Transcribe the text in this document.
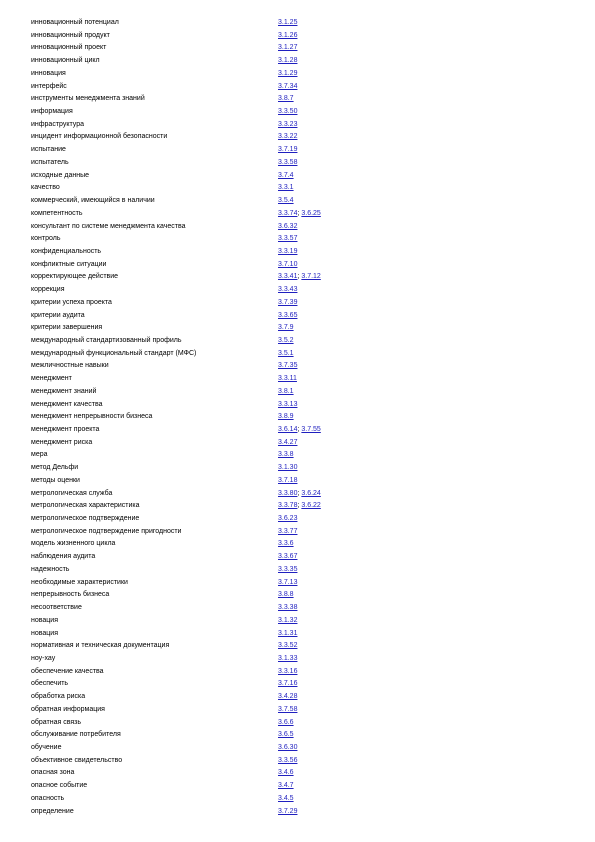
инновационный потенциал	3.1.25
инновационный продукт	3.1.26
инновационный проект	3.1.27
инновационный цикл	3.1.28
инновация	3.1.29
интерфейс	3.7.34
инструменты менеджмента знаний	3.8.7
информация	3.3.50
инфраструктура	3.3.23
инцидент информационной безопасности	3.3.22
испытание	3.7.19
испытатель	3.3.58
исходные данные	3.7.4
качество	3.3.1
коммерческий, имеющийся в наличии	3.5.4
компетентность	3.3.74; 3.6.25
консультант по системе менеджмента качества	3.6.32
контроль	3.3.57
конфиденциальность	3.3.19
конфликтные ситуации	3.7.10
корректирующее действие	3.3.41; 3.7.12
коррекция	3.3.43
критерии успеха проекта	3.7.39
критерии аудита	3.3.65
критерии завершения	3.7.9
международный стандартизованный профиль	3.5.2
международный функциональный стандарт (МФС)	3.5.1
межличностные навыки	3.7.35
менеджмент	3.3.11
менеджмент знаний	3.8.1
менеджмент качества	3.3.13
менеджмент непрерывности бизнеса	3.8.9
менеджмент проекта	3.6.14; 3.7.55
менеджмент риска	3.4.27
мера	3.3.8
метод Дельфи	3.1.30
методы оценки	3.7.18
метрологическая служба	3.3.80; 3.6.24
метрологическая характеристика	3.3.78; 3.6.22
метрологическое подтверждение	3.6.23
метрологическое подтверждение пригодности	3.3.77
модель жизненного цикла	3.3.6
наблюдения аудита	3.3.67
надежность	3.3.35
необходимые характеристики	3.7.13
непрерывность бизнеса	3.8.8
несоответствие	3.3.38
новация	3.1.32
новация	3.1.31
нормативная и техническая документация	3.3.52
ноу-хау	3.1.33
обеспечение качества	3.3.16
обеспечить	3.7.16
обработка риска	3.4.28
обратная информация	3.7.58
обратная связь	3.6.6
обслуживание потребителя	3.6.5
обучение	3.6.30
объективное свидетельство	3.3.56
опасная зона	3.4.6
опасное событие	3.4.7
опасность	3.4.5
определение	3.7.29
